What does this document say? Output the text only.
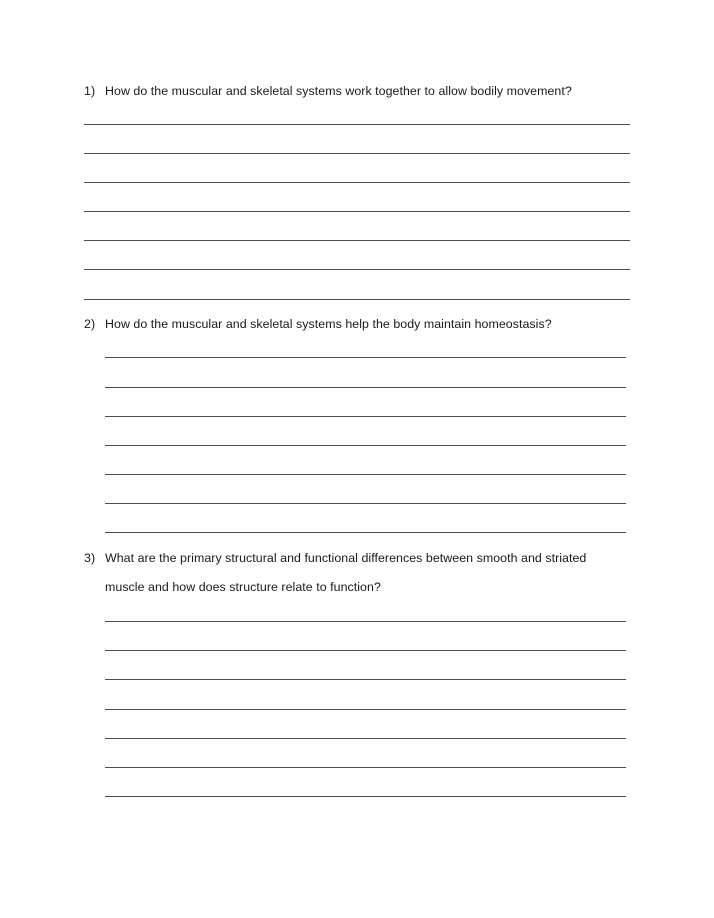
1) How do the muscular and skeletal systems work together to allow bodily movement?
2) How do the muscular and skeletal systems help the body maintain homeostasis?
3) What are the primary structural and functional differences between smooth and striated
muscle and how does structure relate to function?
